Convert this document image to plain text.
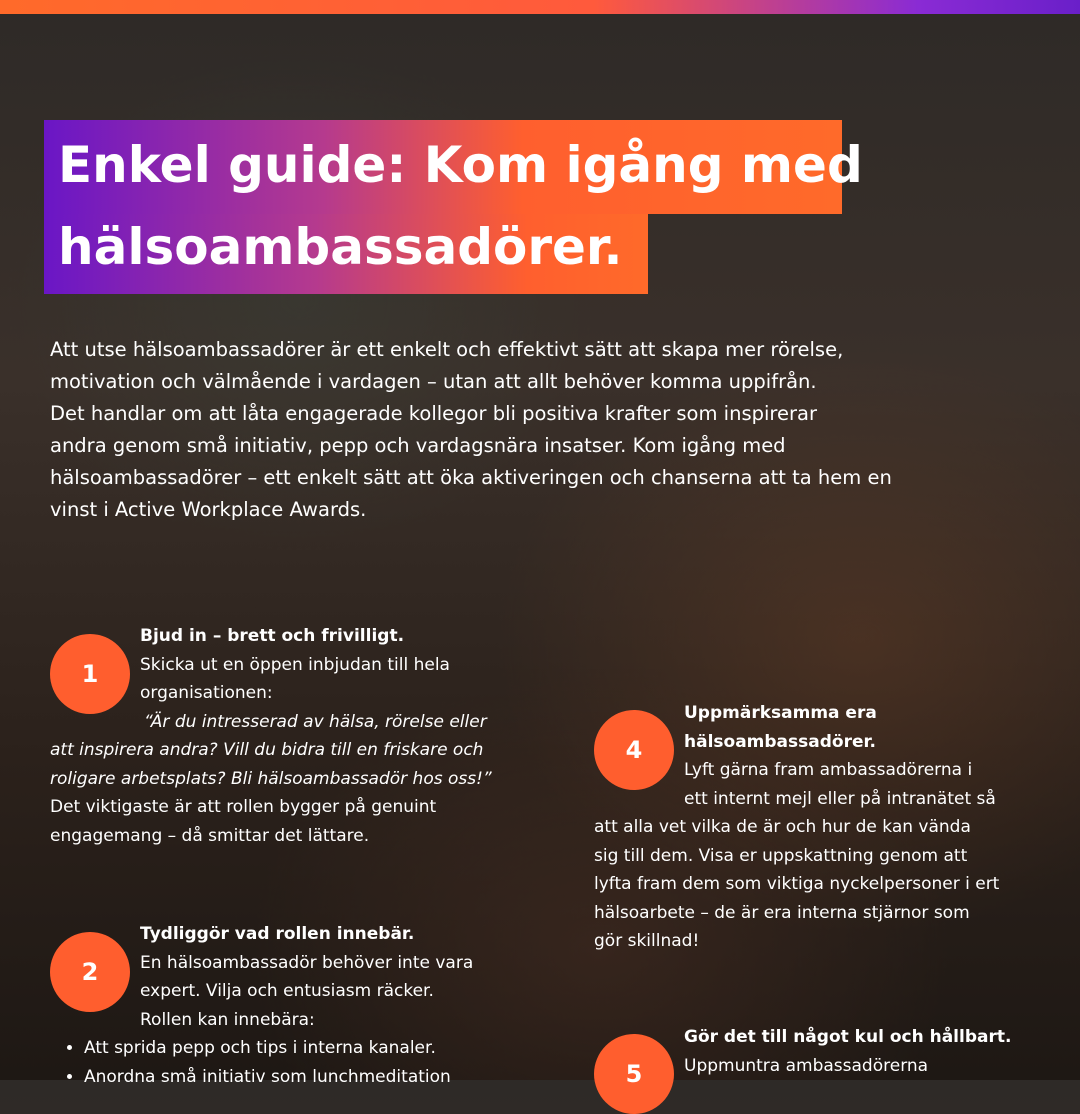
Enkel guide: Kom igång med
hälsoambassadörer.

Att utse hälsoambassadörer är ett enkelt och effektivt sätt att skapa mer rörelse,

motivation och välmående i vardagen – utan att allt behöver komma uppifrån.

Det handlar om att låta engagerade kollegor bli positiva krafter som inspirerar

andra genom små initiativ, pepp och vardagsnära insatser. Kom igång med

hälsoambassadörer – ett enkelt sätt att öka aktiveringen och chanserna att ta hem en

vinst i Active Workplace Awards.

1

Bjud in – brett och frivilligt.

Skicka ut en öppen inbjudan till hela

organisationen:

“Är du intresserad av hälsa, rörelse eller

att inspirera andra? Vill du bidra till en friskare och

roligare arbetsplats? Bli hälsoambassadör hos oss!”

Det viktigaste är att rollen bygger på genuint

engagemang – då smittar det lättare.

2

Tydliggör vad rollen innebär.

En hälsoambassadör behöver inte vara

expert. Vilja och entusiasm räcker.

Rollen kan innebära:

• Att sprida pepp och tips i interna kanaler.
• Anordna små initiativ som lunchmeditation
4

Uppmärksamma era

hälsoambassadörer.

Lyft gärna fram ambassadörerna i

ett internt mejl eller på intranätet så

att alla vet vilka de är och hur de kan vända

sig till dem. Visa er uppskattning genom att

lyfta fram dem som viktiga nyckelpersoner i ert

hälsoarbete – de är era interna stjärnor som

gör skillnad!

5

Gör det till något kul och hållbart.

Uppmuntra ambassadörerna
